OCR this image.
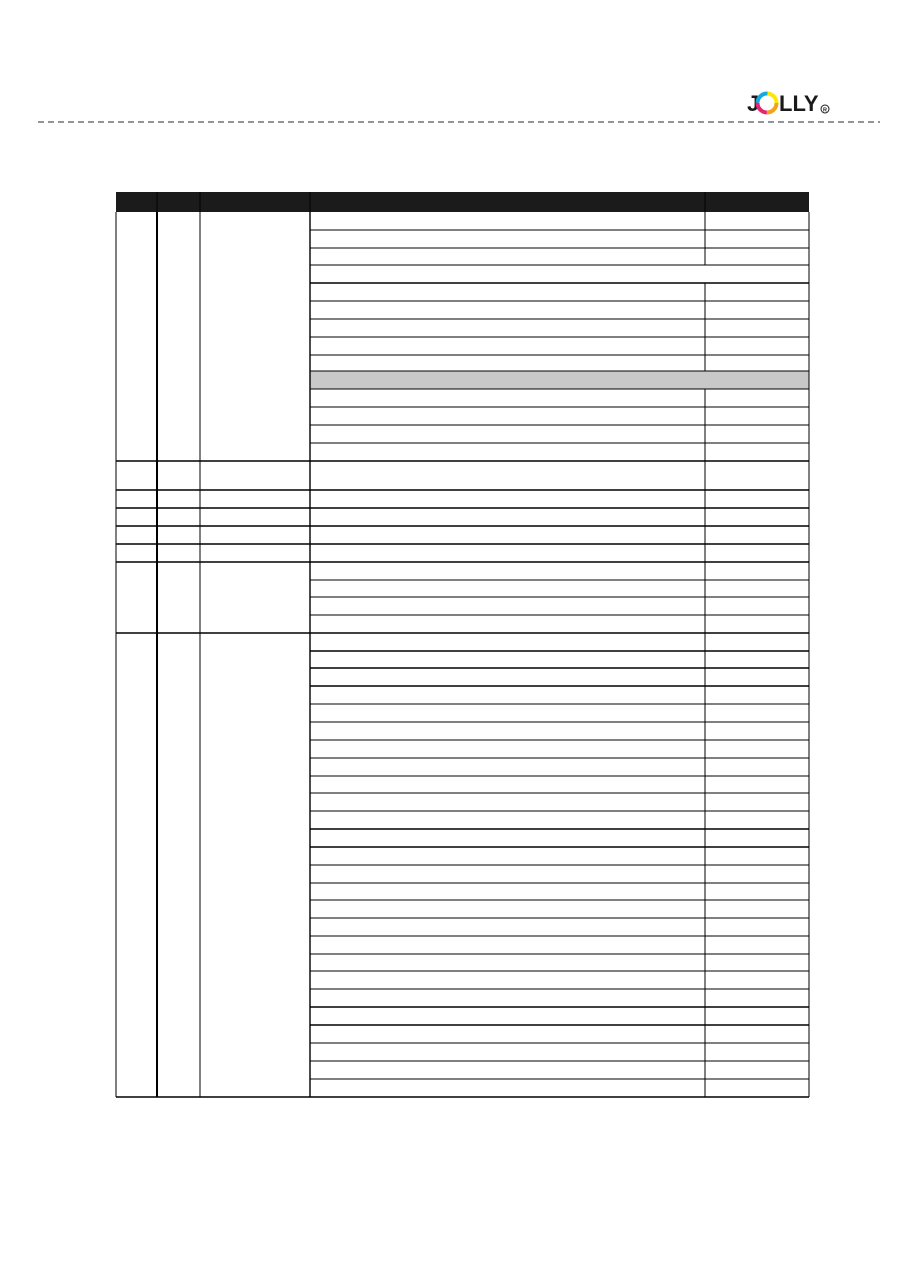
J LLY R
